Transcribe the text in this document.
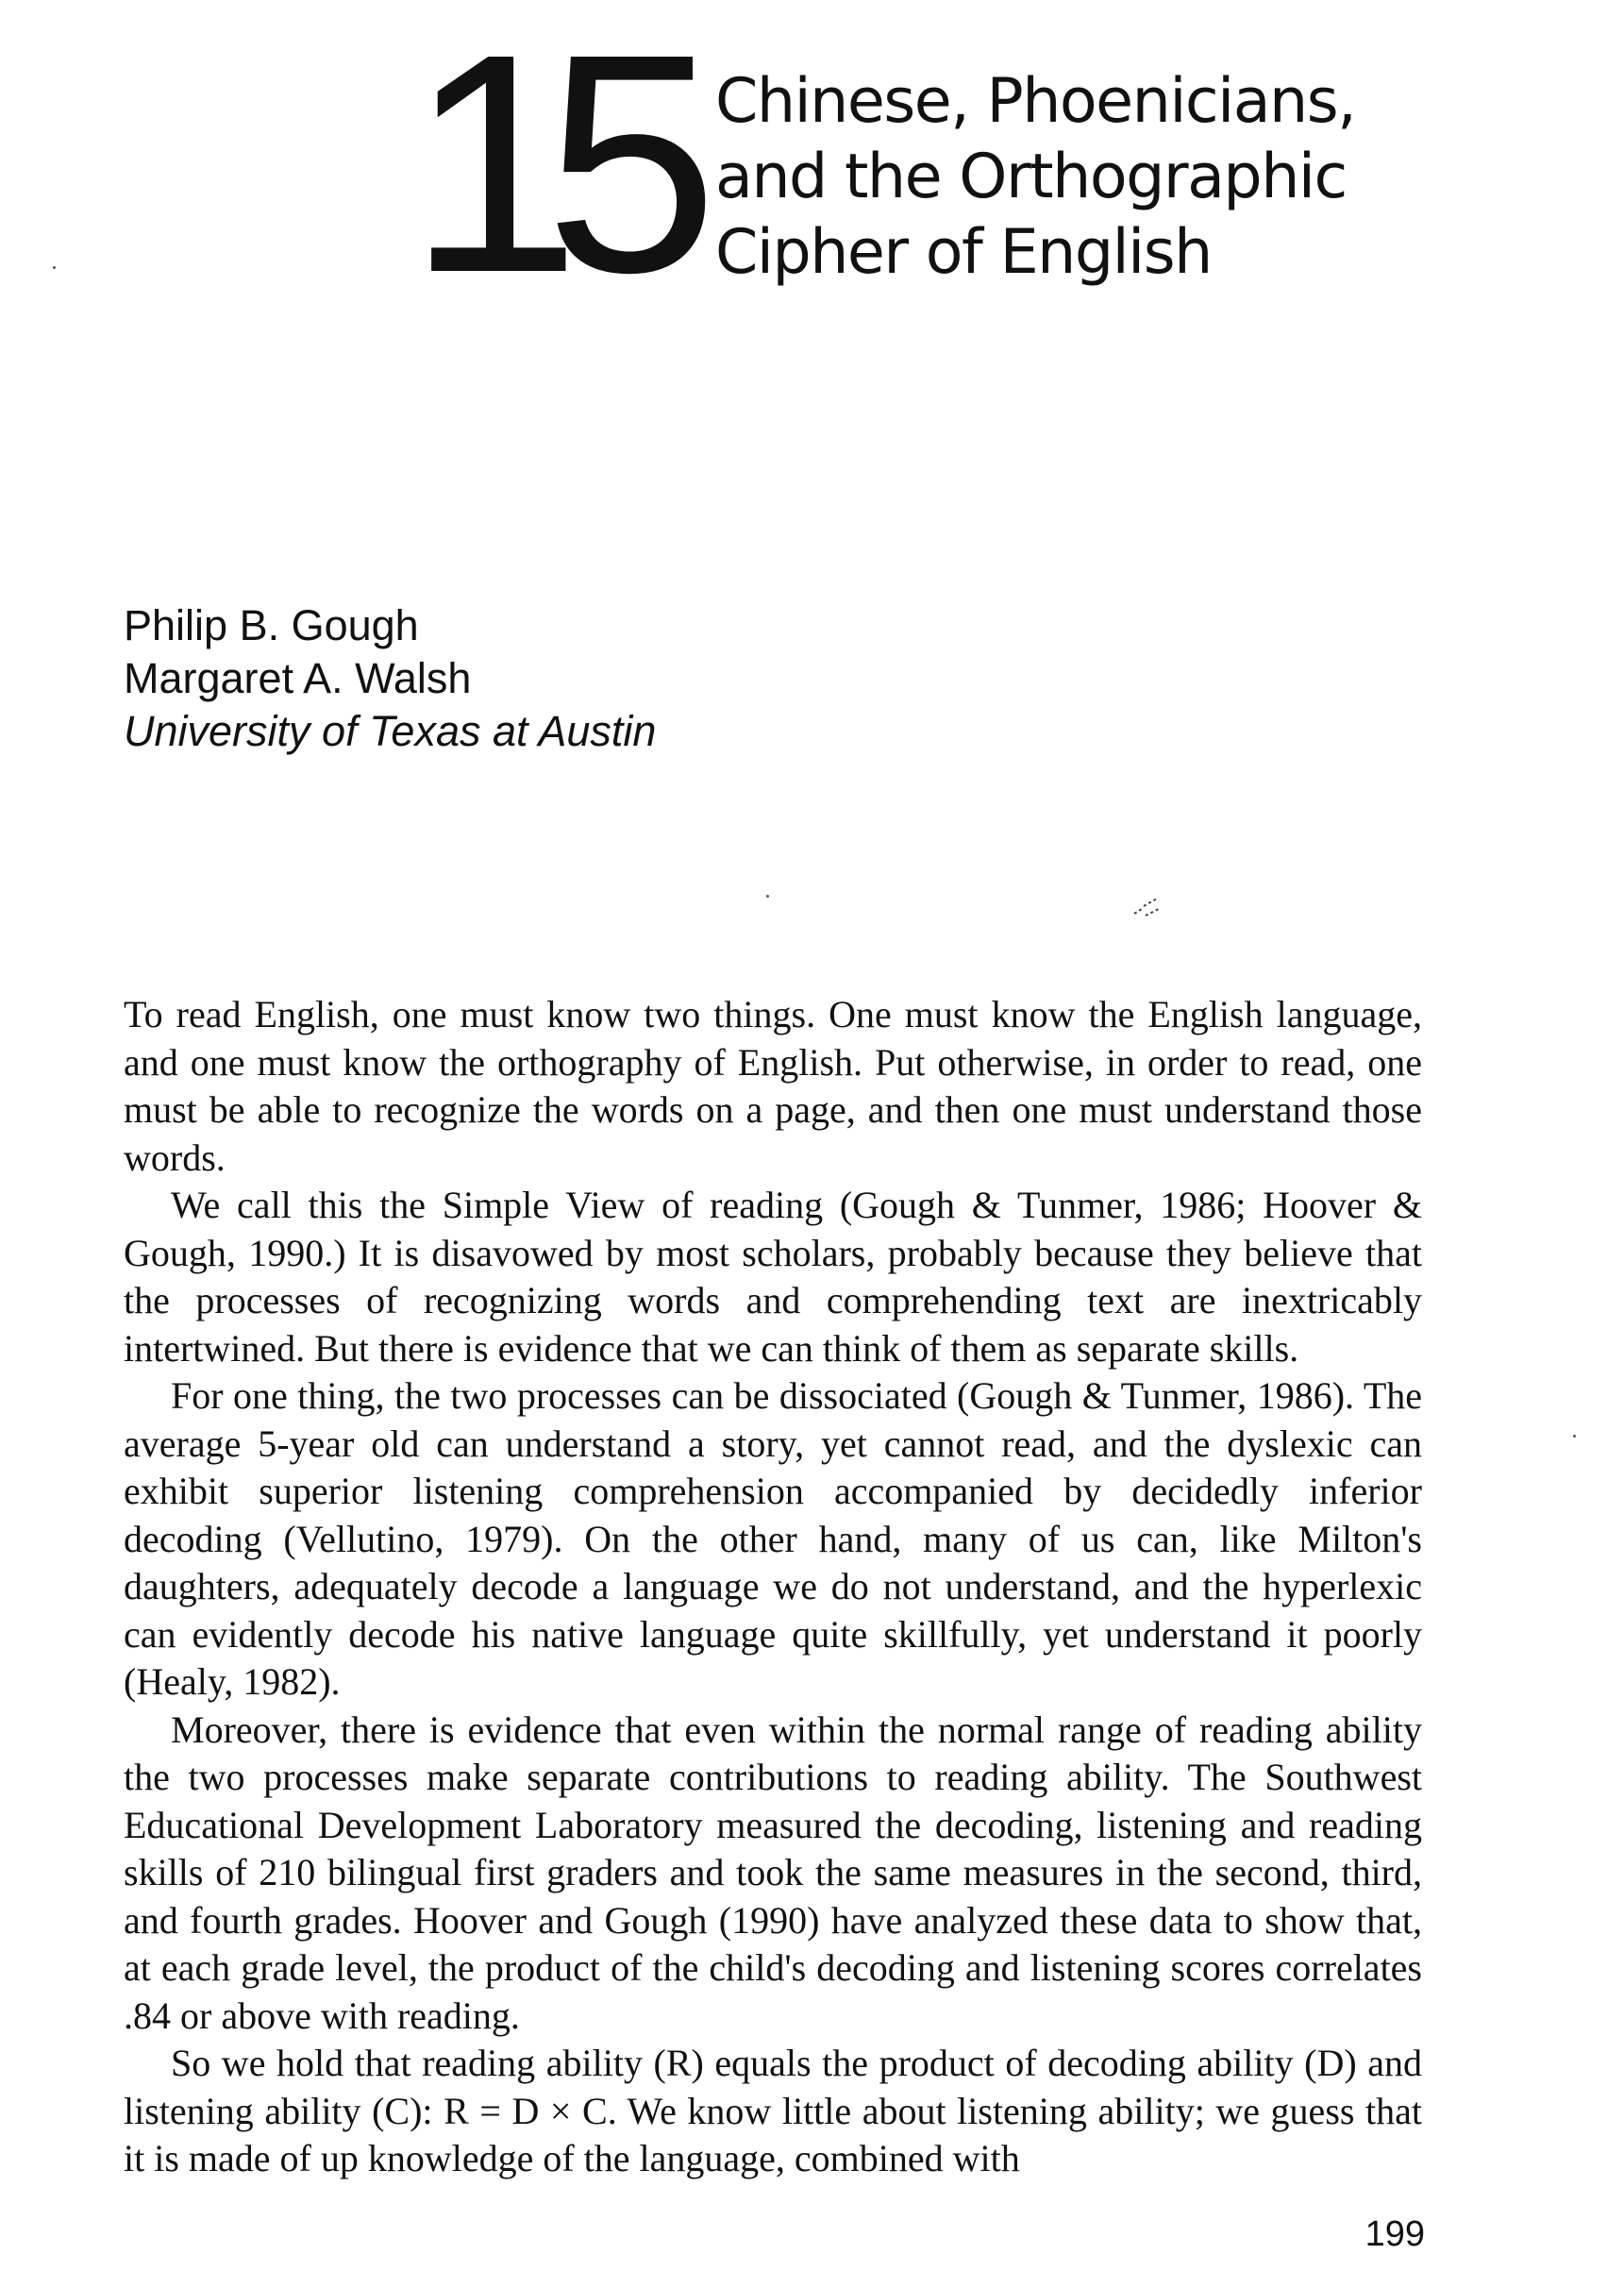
15 Chinese, Phoenicians,
and the Orthographic
Cipher of English
Philip B. Gough
Margaret A. Walsh
University of Texas at Austin

To read English, one must know two things. One must know the English language, and one must know the orthography of English. Put otherwise, in order to read, one must be able to recognize the words on a page, and then one must understand those words.

We call this the Simple View of reading (Gough & Tunmer, 1986; Hoover & Gough, 1990.) It is disavowed by most scholars, probably because they believe that the processes of recognizing words and comprehending text are inextricably intertwined. But there is evidence that we can think of them as separate skills.

For one thing, the two processes can be dissociated (Gough & Tunmer, 1986). The average 5-year old can understand a story, yet cannot read, and the dyslexic can exhibit superior listening comprehension accompanied by decidedly inferior decoding (Vellutino, 1979). On the other hand, many of us can, like Milton's daughters, adequately decode a language we do not understand, and the hyperlexic can evidently decode his native language quite skillfully, yet understand it poorly (Healy, 1982).

Moreover, there is evidence that even within the normal range of reading ability the two processes make separate contributions to reading ability. The Southwest Educational Development Laboratory measured the decoding, listening and reading skills of 210 bilingual first graders and took the same measures in the second, third, and fourth grades. Hoover and Gough (1990) have analyzed these data to show that, at each grade level, the product of the child's decoding and listening scores correlates .84 or above with reading.

So we hold that reading ability (R) equals the product of decoding ability (D) and listening ability (C): R = D × C. We know little about listening ability; we guess that it is made of up knowledge of the language, combined with

199
